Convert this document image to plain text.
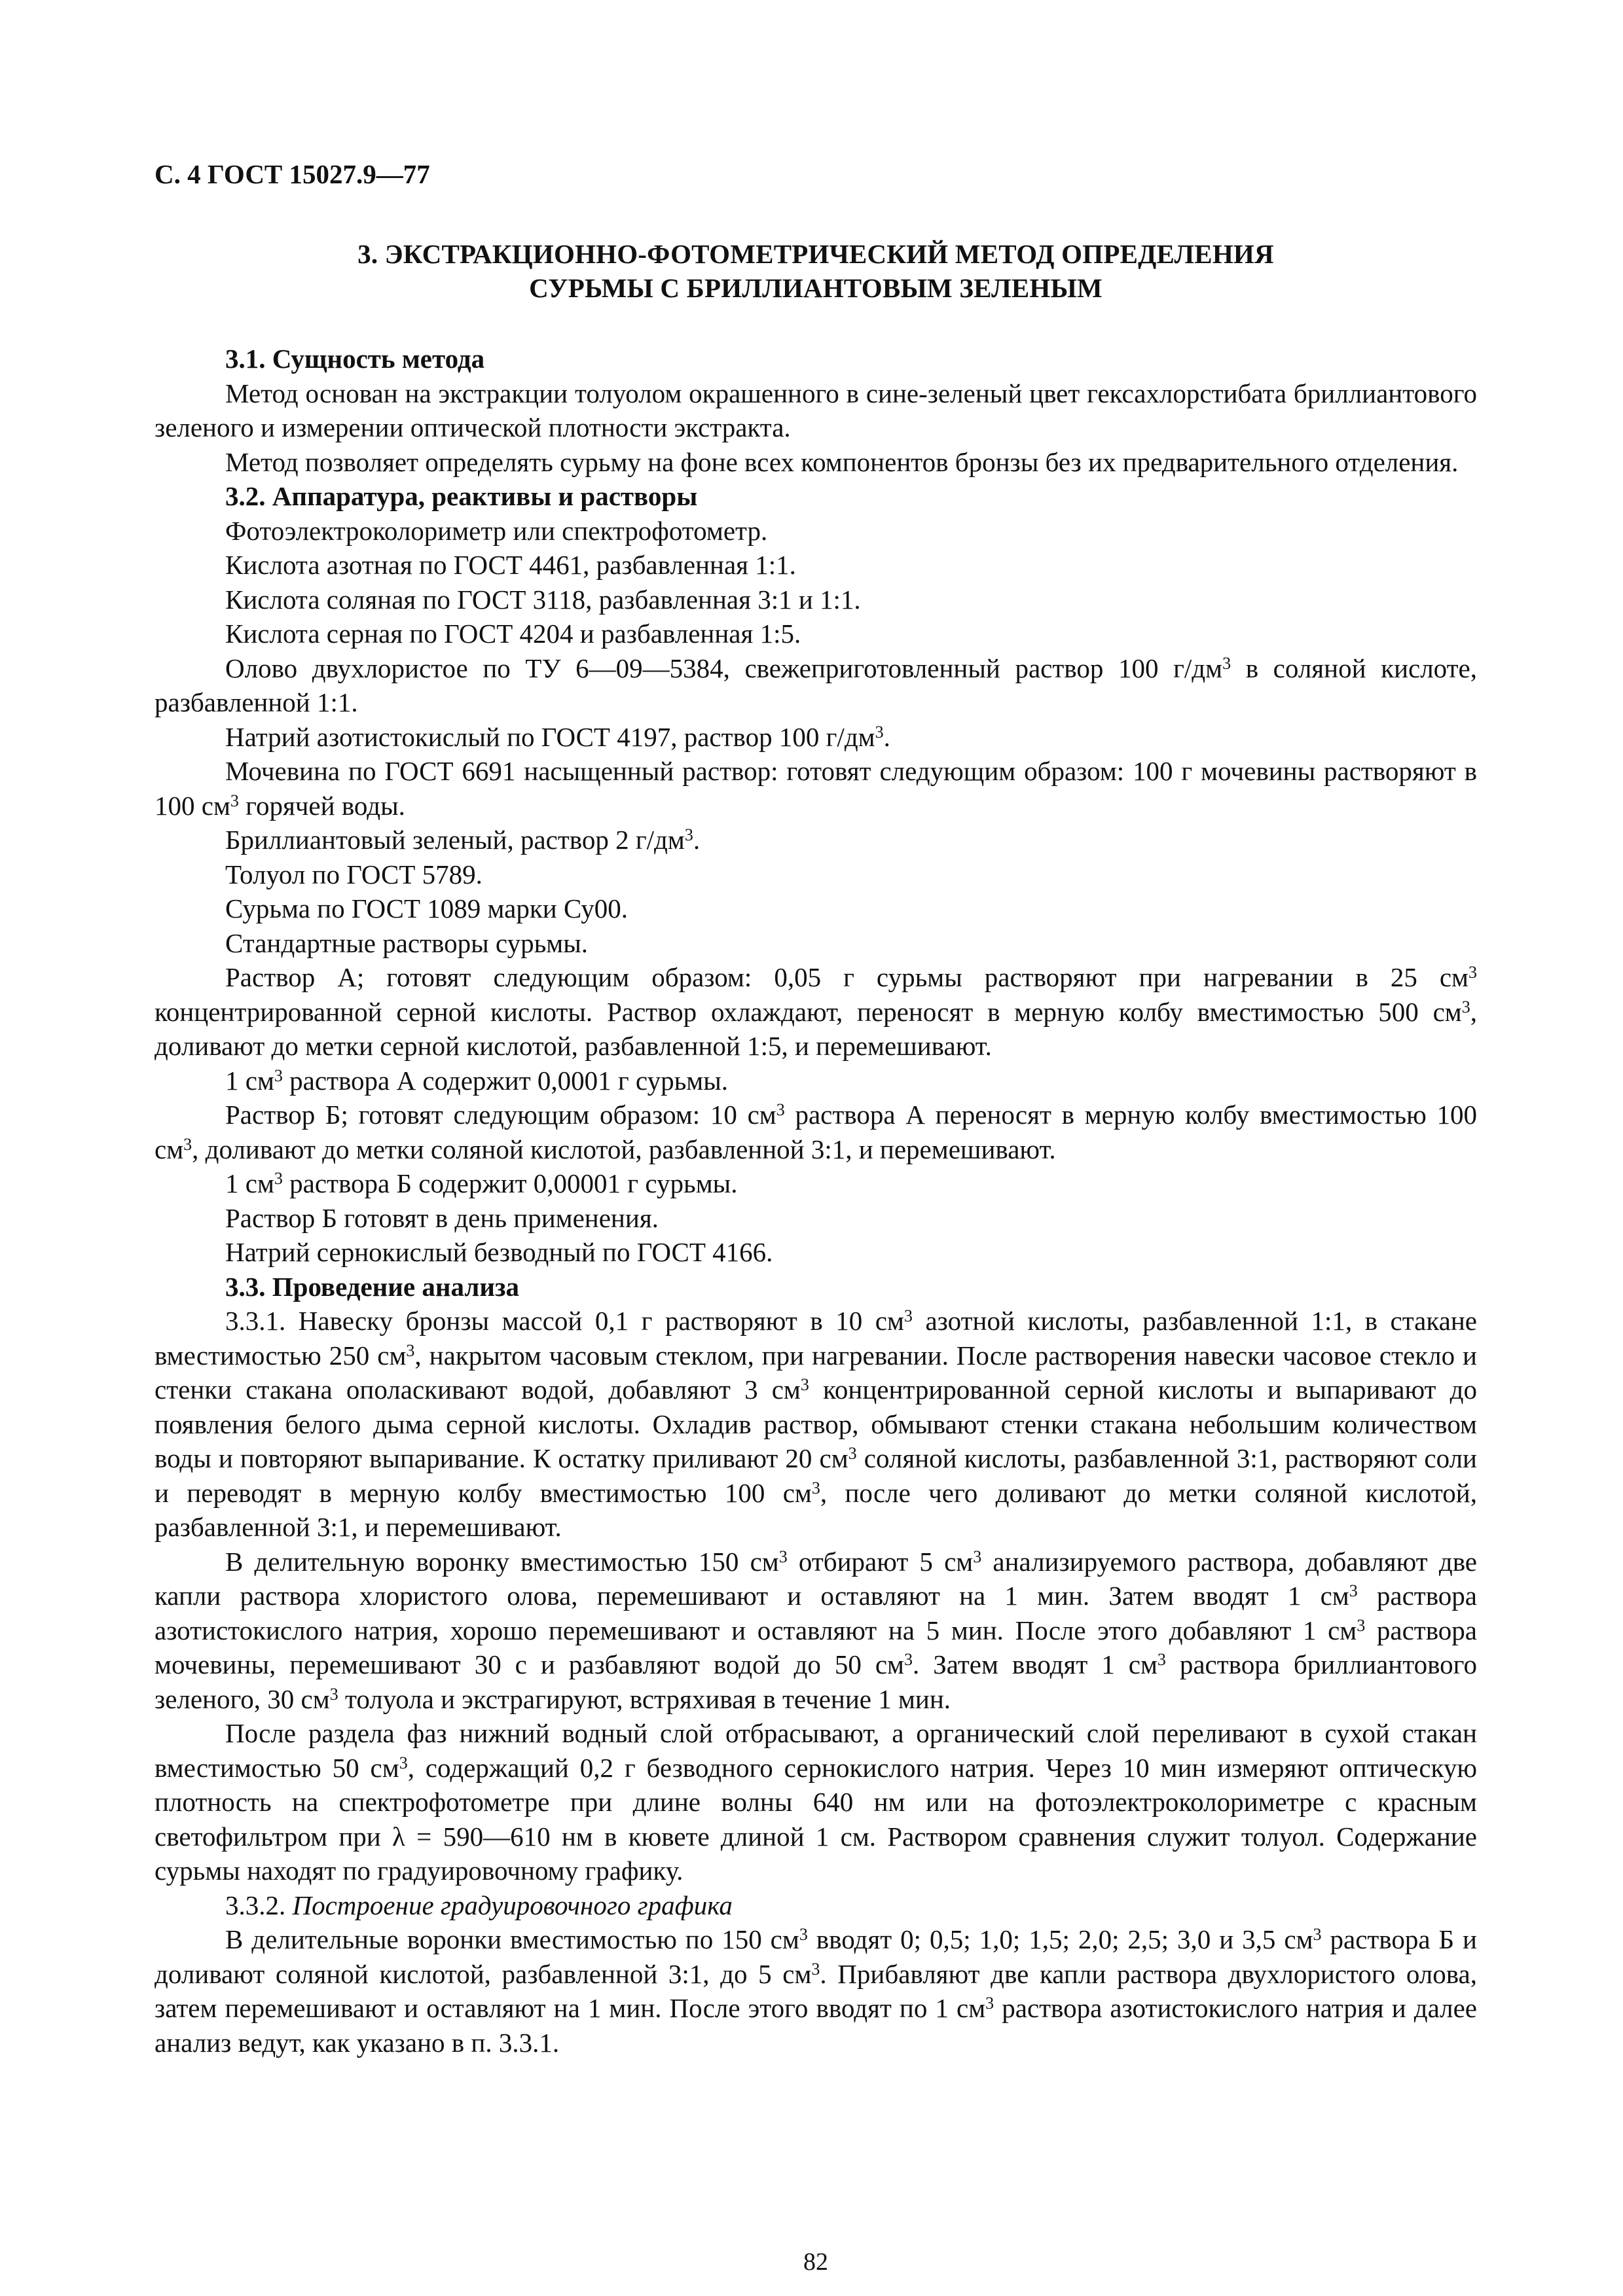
С. 4 ГОСТ 15027.9—77
3. ЭКСТРАКЦИОННО-ФОТОМЕТРИЧЕСКИЙ МЕТОД ОПРЕДЕЛЕНИЯ
СУРЬМЫ С БРИЛЛИАНТОВЫМ ЗЕЛЕНЫМ

3.1. Сущность метода

Метод основан на экстракции толуолом окрашенного в сине-зеленый цвет гексахлорстибата бриллиантового зеленого и измерении оптической плотности экстракта.

Метод позволяет определять сурьму на фоне всех компонентов бронзы без их предварительного отделения.

3.2. Аппаратура, реактивы и растворы

Фотоэлектроколориметр или спектрофотометр.

Кислота азотная по ГОСТ 4461, разбавленная 1:1.

Кислота соляная по ГОСТ 3118, разбавленная 3:1 и 1:1.

Кислота серная по ГОСТ 4204 и разбавленная 1:5.

Олово двухлористое по ТУ 6—09—5384, свежеприготовленный раствор 100 $г/дм^3$ в соляной кислоте, разбавленной 1:1.

Натрий азотистокислый по ГОСТ 4197, раствор 100 $г/дм^3$.

Мочевина по ГОСТ 6691 насыщенный раствор: готовят следующим образом: 100 г мочевины растворяют в 100 $см^3$ горячей воды.

Бриллиантовый зеленый, раствор 2 $г/дм^3$.

Толуол по ГОСТ 5789.

Сурьма по ГОСТ 1089 марки Су00.

Стандартные растворы сурьмы.

Раствор А; готовят следующим образом: 0,05 г сурьмы растворяют при нагревании в 25 $см^3$ концентрированной серной кислоты. Раствор охлаждают, переносят в мерную колбу вместимостью 500 $см^3$, доливают до метки серной кислотой, разбавленной 1:5, и перемешивают.

1 $см^3$ раствора А содержит 0,0001 г сурьмы.

Раствор Б; готовят следующим образом: 10 $см^3$ раствора А переносят в мерную колбу вместимостью 100 $см^3$, доливают до метки соляной кислотой, разбавленной 3:1, и перемешивают.

1 $см^3$ раствора Б содержит 0,00001 г сурьмы.

Раствор Б готовят в день применения.

Натрий сернокислый безводный по ГОСТ 4166.

3.3. Проведение анализа

3.3.1. Навеску бронзы массой 0,1 г растворяют в 10 $см^3$ азотной кислоты, разбавленной 1:1, в стакане вместимостью 250 $см^3$, накрытом часовым стеклом, при нагревании. После растворения навески часовое стекло и стенки стакана ополаскивают водой, добавляют 3 $см^3$ концентрированной серной кислоты и выпаривают до появления белого дыма серной кислоты. Охладив раствор, обмывают стенки стакана небольшим количеством воды и повторяют выпаривание. К остатку приливают 20 $см^3$ соляной кислоты, разбавленной 3:1, растворяют соли и переводят в мерную колбу вместимостью 100 $см^3$, после чего доливают до метки соляной кислотой, разбавленной 3:1, и перемешивают.

В делительную воронку вместимостью 150 $см^3$ отбирают 5 $см^3$ анализируемого раствора, добавляют две капли раствора хлористого олова, перемешивают и оставляют на 1 мин. Затем вводят 1 $см^3$ раствора азотистокислого натрия, хорошо перемешивают и оставляют на 5 мин. После этого добавляют 1 $см^3$ раствора мочевины, перемешивают 30 с и разбавляют водой до 50 $см^3$. Затем вводят 1 $см^3$ раствора бриллиантового зеленого, 30 $см^3$ толуола и экстрагируют, встряхивая в течение 1 мин.

После раздела фаз нижний водный слой отбрасывают, а органический слой переливают в сухой стакан вместимостью 50 $см^3$, содержащий 0,2 г безводного сернокислого натрия. Через 10 мин измеряют оптическую плотность на спектрофотометре при длине волны 640 нм или на фотоэлектроколориметре с красным светофильтром при λ = 590—610 нм в кювете длиной 1 см. Раствором сравнения служит толуол. Содержание сурьмы находят по градуировочному графику.

3.3.2. Построение градуировочного графика

В делительные воронки вместимостью по 150 $см^3$ вводят 0; 0,5; 1,0; 1,5; 2,0; 2,5; 3,0 и 3,5 $см^3$ раствора Б и доливают соляной кислотой, разбавленной 3:1, до 5 $см^3$. Прибавляют две капли раствора двухлористого олова, затем перемешивают и оставляют на 1 мин. После этого вводят по 1 $см^3$ раствора азотистокислого натрия и далее анализ ведут, как указано в п. 3.3.1.

82
